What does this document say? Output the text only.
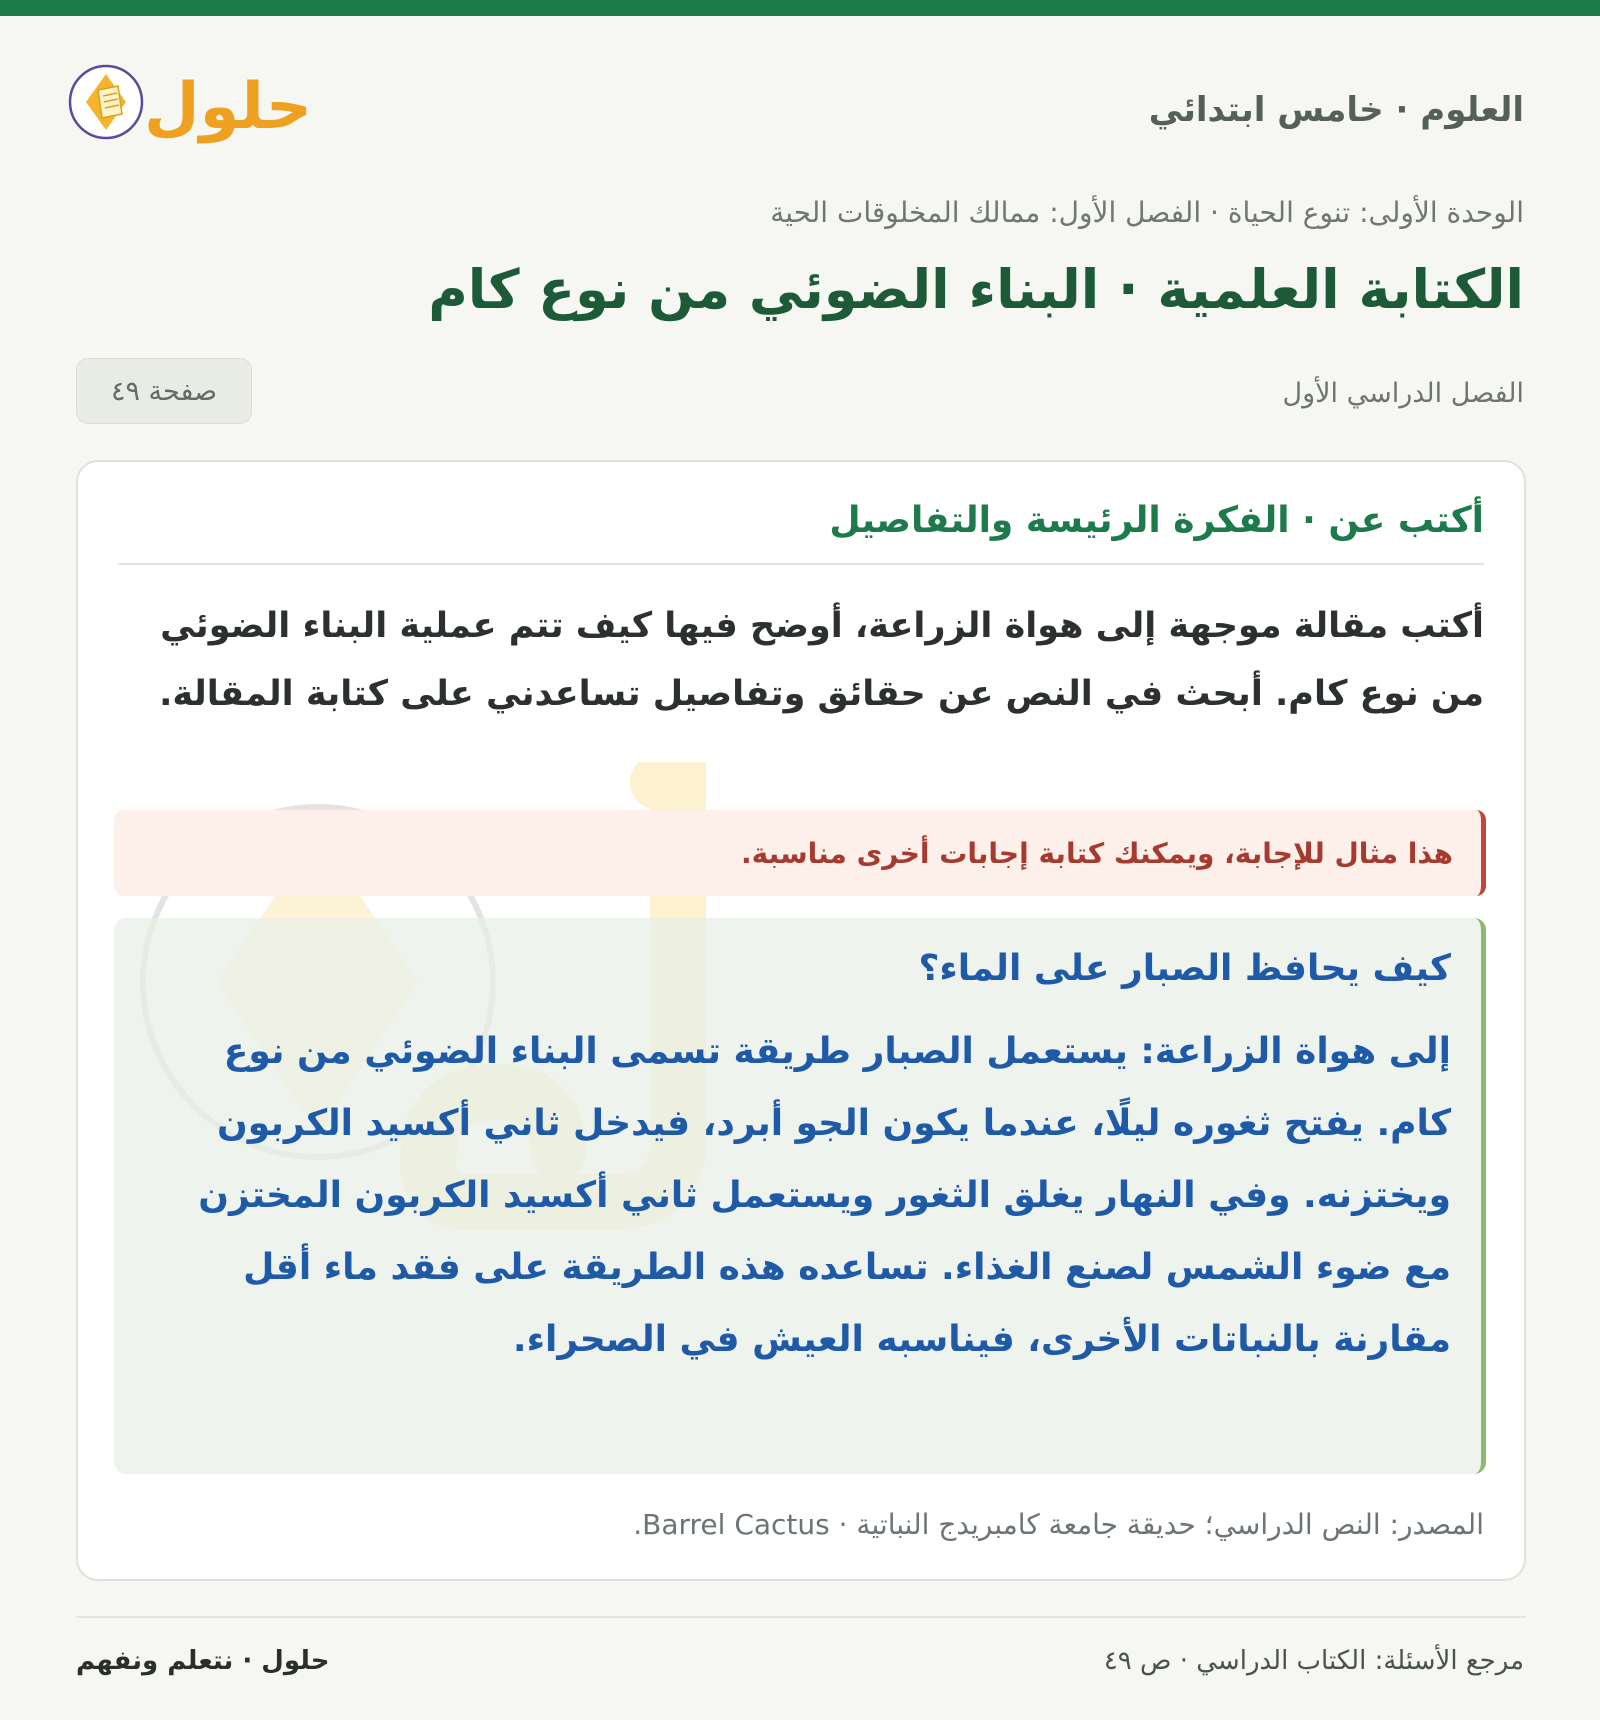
العلوم · خامس ابتدائي
حلول
الوحدة الأولى: تنوع الحياة · الفصل الأول: ممالك المخلوقات الحية
الكتابة العلمية · البناء الضوئي من نوع كام
الفصل الدراسي الأول
صفحة ٤٩
أكتب عن · الفكرة الرئيسة والتفاصيل

أكتب مقالة موجهة إلى هواة الزراعة، أوضح فيها كيف تتم عملية البناء الضوئي من نوع كام. أبحث في النص عن حقائق وتفاصيل تساعدني على كتابة المقالة.

هذا مثال للإجابة، ويمكنك كتابة إجابات أخرى مناسبة.
كيف يحافظ الصبار على الماء؟

إلى هواة الزراعة: يستعمل الصبار طريقة تسمى البناء الضوئي من نوع كام. يفتح ثغوره ليلًا، عندما يكون الجو أبرد، فيدخل ثاني أكسيد الكربون ويختزنه. وفي النهار يغلق الثغور ويستعمل ثاني أكسيد الكربون المختزن مع ضوء الشمس لصنع الغذاء. تساعده هذه الطريقة على فقد ماء أقل مقارنة بالنباتات الأخرى، فيناسبه العيش في الصحراء.

المصدر: النص الدراسي؛ حديقة جامعة كامبريدج النباتية · Barrel Cactus.
مرجع الأسئلة: الكتاب الدراسي · ص ٤٩
حلول · نتعلم ونفهم
